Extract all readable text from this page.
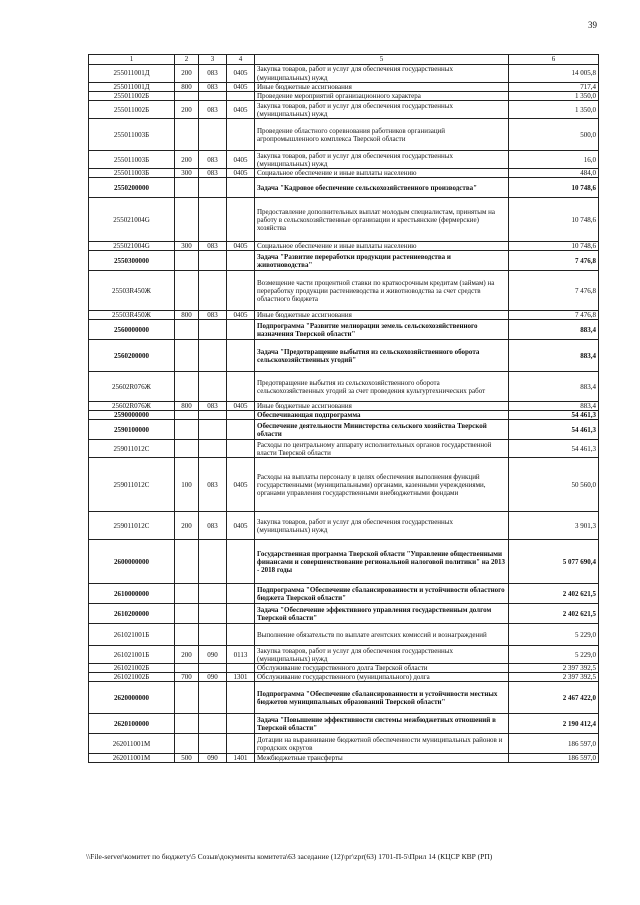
39
1	2	3	4	5	6
255011001Д	200	083	0405	Закупка товаров, работ и услуг для обеспечения государственных (муниципальных) нужд	14 005,8
255011001Д	800	083	0405	Иные бюджетные ассигнования	717,4
255011002Б				Проведение мероприятий организационного характера	1 350,0
255011002Б	200	083	0405	Закупка товаров, работ и услуг для обеспечения государственных (муниципальных) нужд	1 350,0
255011003Б				Проведение областного соревнования работников организаций агропромышленного комплекса Тверской области	500,0
255011003Б	200	083	0405	Закупка товаров, работ и услуг для обеспечения государственных (муниципальных) нужд	16,0
255011003Б	300	083	0405	Социальное обеспечение и иные выплаты населению	484,0
2550200000				Задача "Кадровое обеспечение сельскохозяйственного производства"	10 748,6
255021004G				Предоставление дополнительных выплат молодым специалистам, принятым на работу в сельскохозяйственные организации и крестьянские (фермерские) хозяйства	10 748,6
255021004G	300	083	0405	Социальное обеспечение и иные выплаты населению	10 748,6
2550300000				Задача "Развитие переработки продукции растениеводства и животноводства"	7 476,8
25503R450Ж				Возмещение части процентной ставки по краткосрочным кредитам (займам) на переработку продукции растениеводства и животноводства за счет средств областного бюджета	7 476,8
25503R450Ж	800	083	0405	Иные бюджетные ассигнования	7 476,8
2560000000				Подпрограмма "Развитие мелиорации земель сельскохозяйственного назначения Тверской области"	883,4
2560200000				Задача "Предотвращение выбытия из сельскохозяйственного оборота сельскохозяйственных угодий"	883,4
25602R076Ж				Предотвращение выбытия из сельскохозяйственного оборота сельскохозяйственных угодий за счет проведения культуртехнических работ	883,4
25602R076Ж	800	083	0405	Иные бюджетные ассигнования	883,4
2590000000				Обеспечивающая подпрограмма	54 461,3
2590100000				Обеспечение деятельности Министерства сельского хозяйства Тверской области	54 461,3
259011012С				Расходы по центральному аппарату исполнительных органов государственной власти Тверской области	54 461,3
259011012С	100	083	0405	Расходы на выплаты персоналу в целях обеспечения выполнения функций государственными (муниципальными) органами, казенными учреждениями, органами управления государственными внебюджетными фондами	50 560,0
259011012С	200	083	0405	Закупка товаров, работ и услуг для обеспечения государственных (муниципальных) нужд	3 901,3
2600000000				Государственная программа Тверской области "Управление общественными финансами и совершенствование региональной налоговой политики" на 2013 - 2018 годы	5 077 690,4
2610000000				Подпрограмма "Обеспечение сбалансированности и устойчивости областного бюджета Тверской области"	2 402 621,5
2610200000				Задача "Обеспечение эффективного управления государственным долгом Тверской области"	2 402 621,5
261021001Б				Выполнение обязательств по выплате агентских комиссий и вознаграждений	5 229,0
261021001Б	200	090	0113	Закупка товаров, работ и услуг для обеспечения государственных (муниципальных) нужд	5 229,0
261021002Б				Обслуживание государственного долга Тверской области	2 397 392,5
261021002Б	700	090	1301	Обслуживание государственного (муниципального) долга	2 397 392,5
2620000000				Подпрограмма "Обеспечение сбалансированности и устойчивости местных бюджетов муниципальных образований Тверской области"	2 467 422,0
2620100000				Задача "Повышение эффективности системы межбюджетных отношений в Тверской области"	2 190 412,4
262011001М				Дотации на выравнивание бюджетной обеспеченности муниципальных районов и городских округов	186 597,0
262011001М	500	090	1401	Межбюджетные трансферты	186 597,0
\\File-server\комитет по бюджету\5 Созыв\документы комитета\63 заседание (12)\рг\zpr(63) 1701-П-5\Прил 14 (КЦСР КВР (РП)
